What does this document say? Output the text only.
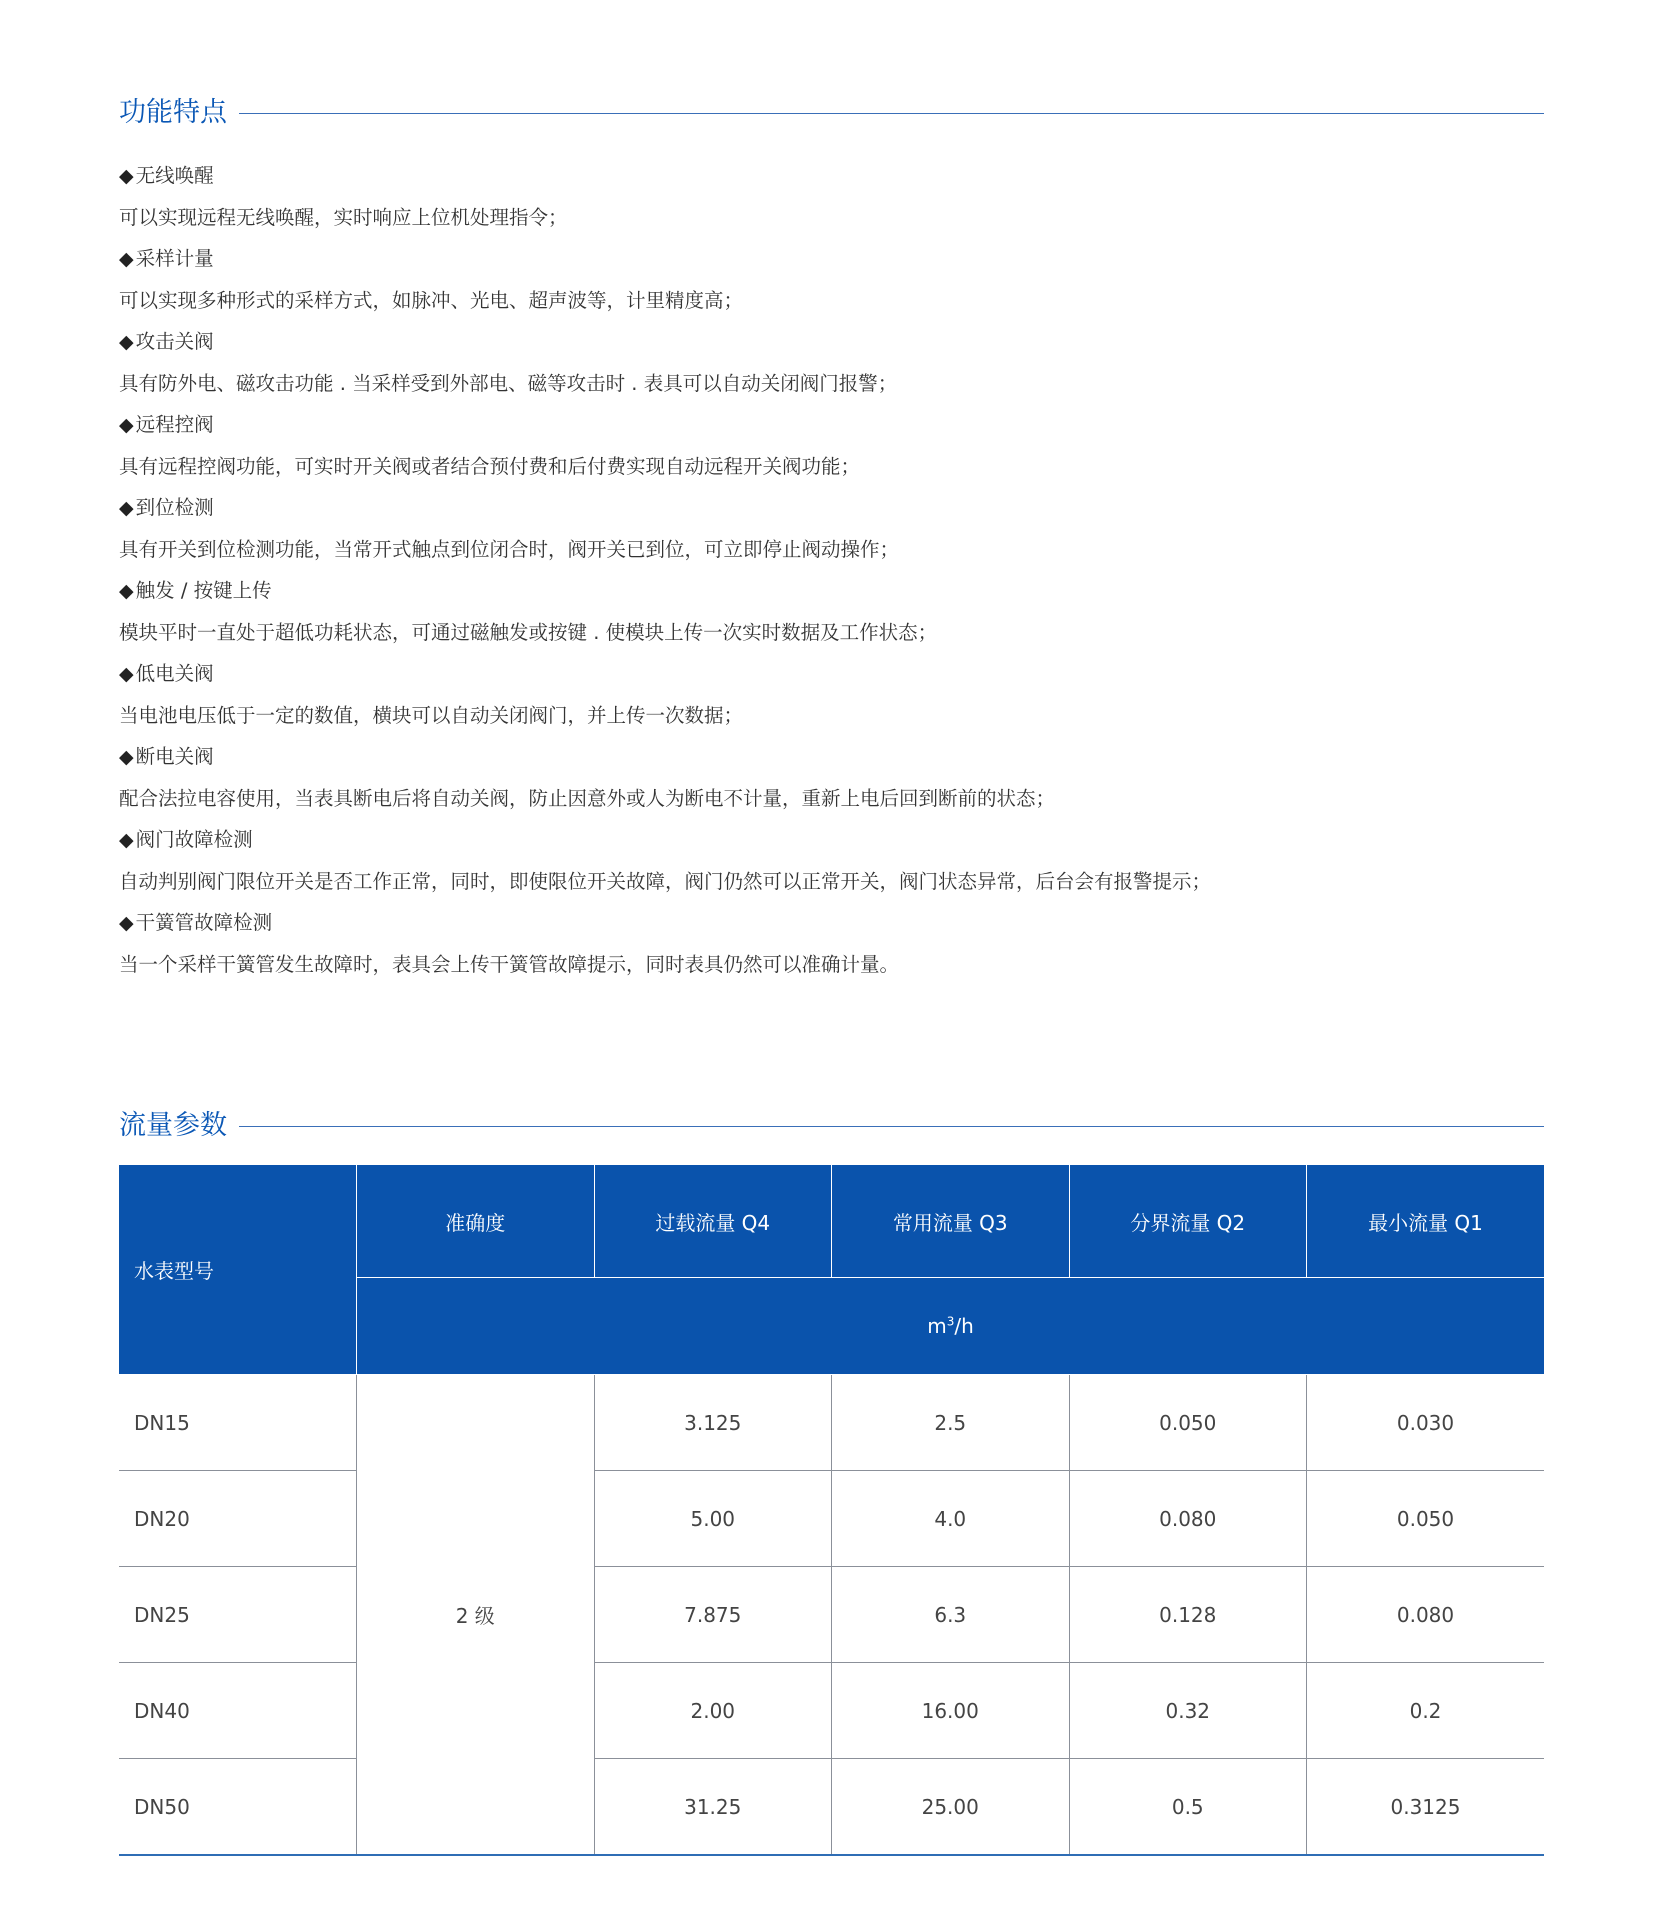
功能特点
◆ 无线唤醒
可以实现远程无线唤醒，实时响应上位机处理指令；
◆ 采样计量
可以实现多种形式的采样方式，如脉冲、光电、超声波等，计里精度高；
◆ 攻击关阀
具有防外电、磁攻击功能 . 当采样受到外部电、磁等攻击时 . 表具可以自动关闭阀门报警；
◆ 远程控阀
具有远程控阀功能，可实时开关阀或者结合预付费和后付费实现自动远程开关阀功能；
◆ 到位检测
具有开关到位检测功能，当常开式触点到位闭合时，阀开关已到位，可立即停止阀动操作；
◆ 触发 / 按键上传
模块平时一直处于超低功耗状态，可通过磁触发或按键 . 使模块上传一次实时数据及工作状态；
◆ 低电关阀
当电池电压低于一定的数值，横块可以自动关闭阀门，并上传一次数据；
◆ 断电关阀
配合法拉电容使用，当表具断电后将自动关阀，防止因意外或人为断电不计量，重新上电后回到断前的状态；
◆ 阀门故障检测
自动判别阀门限位开关是否工作正常，同时，即使限位开关故障，阀门仍然可以正常开关，阀门状态异常，后台会有报警提示；
◆ 干簧管故障检测
当一个采样干簧管发生故障时，表具会上传干簧管故障提示，同时表具仍然可以准确计量。
流量参数
水表型号	准确度	过载流量 Q4	常用流量 Q3	分界流量 Q2	最小流量 Q1
	$m^3/h$				
DN15	2 级	3.125	2.5	0.050	0.030
DN20		5.00	4.0	0.080	0.050
DN25		7.875	6.3	0.128	0.080
DN40		2.00	16.00	0.32	0.2
DN50		31.25	25.00	0.5	0.3125
